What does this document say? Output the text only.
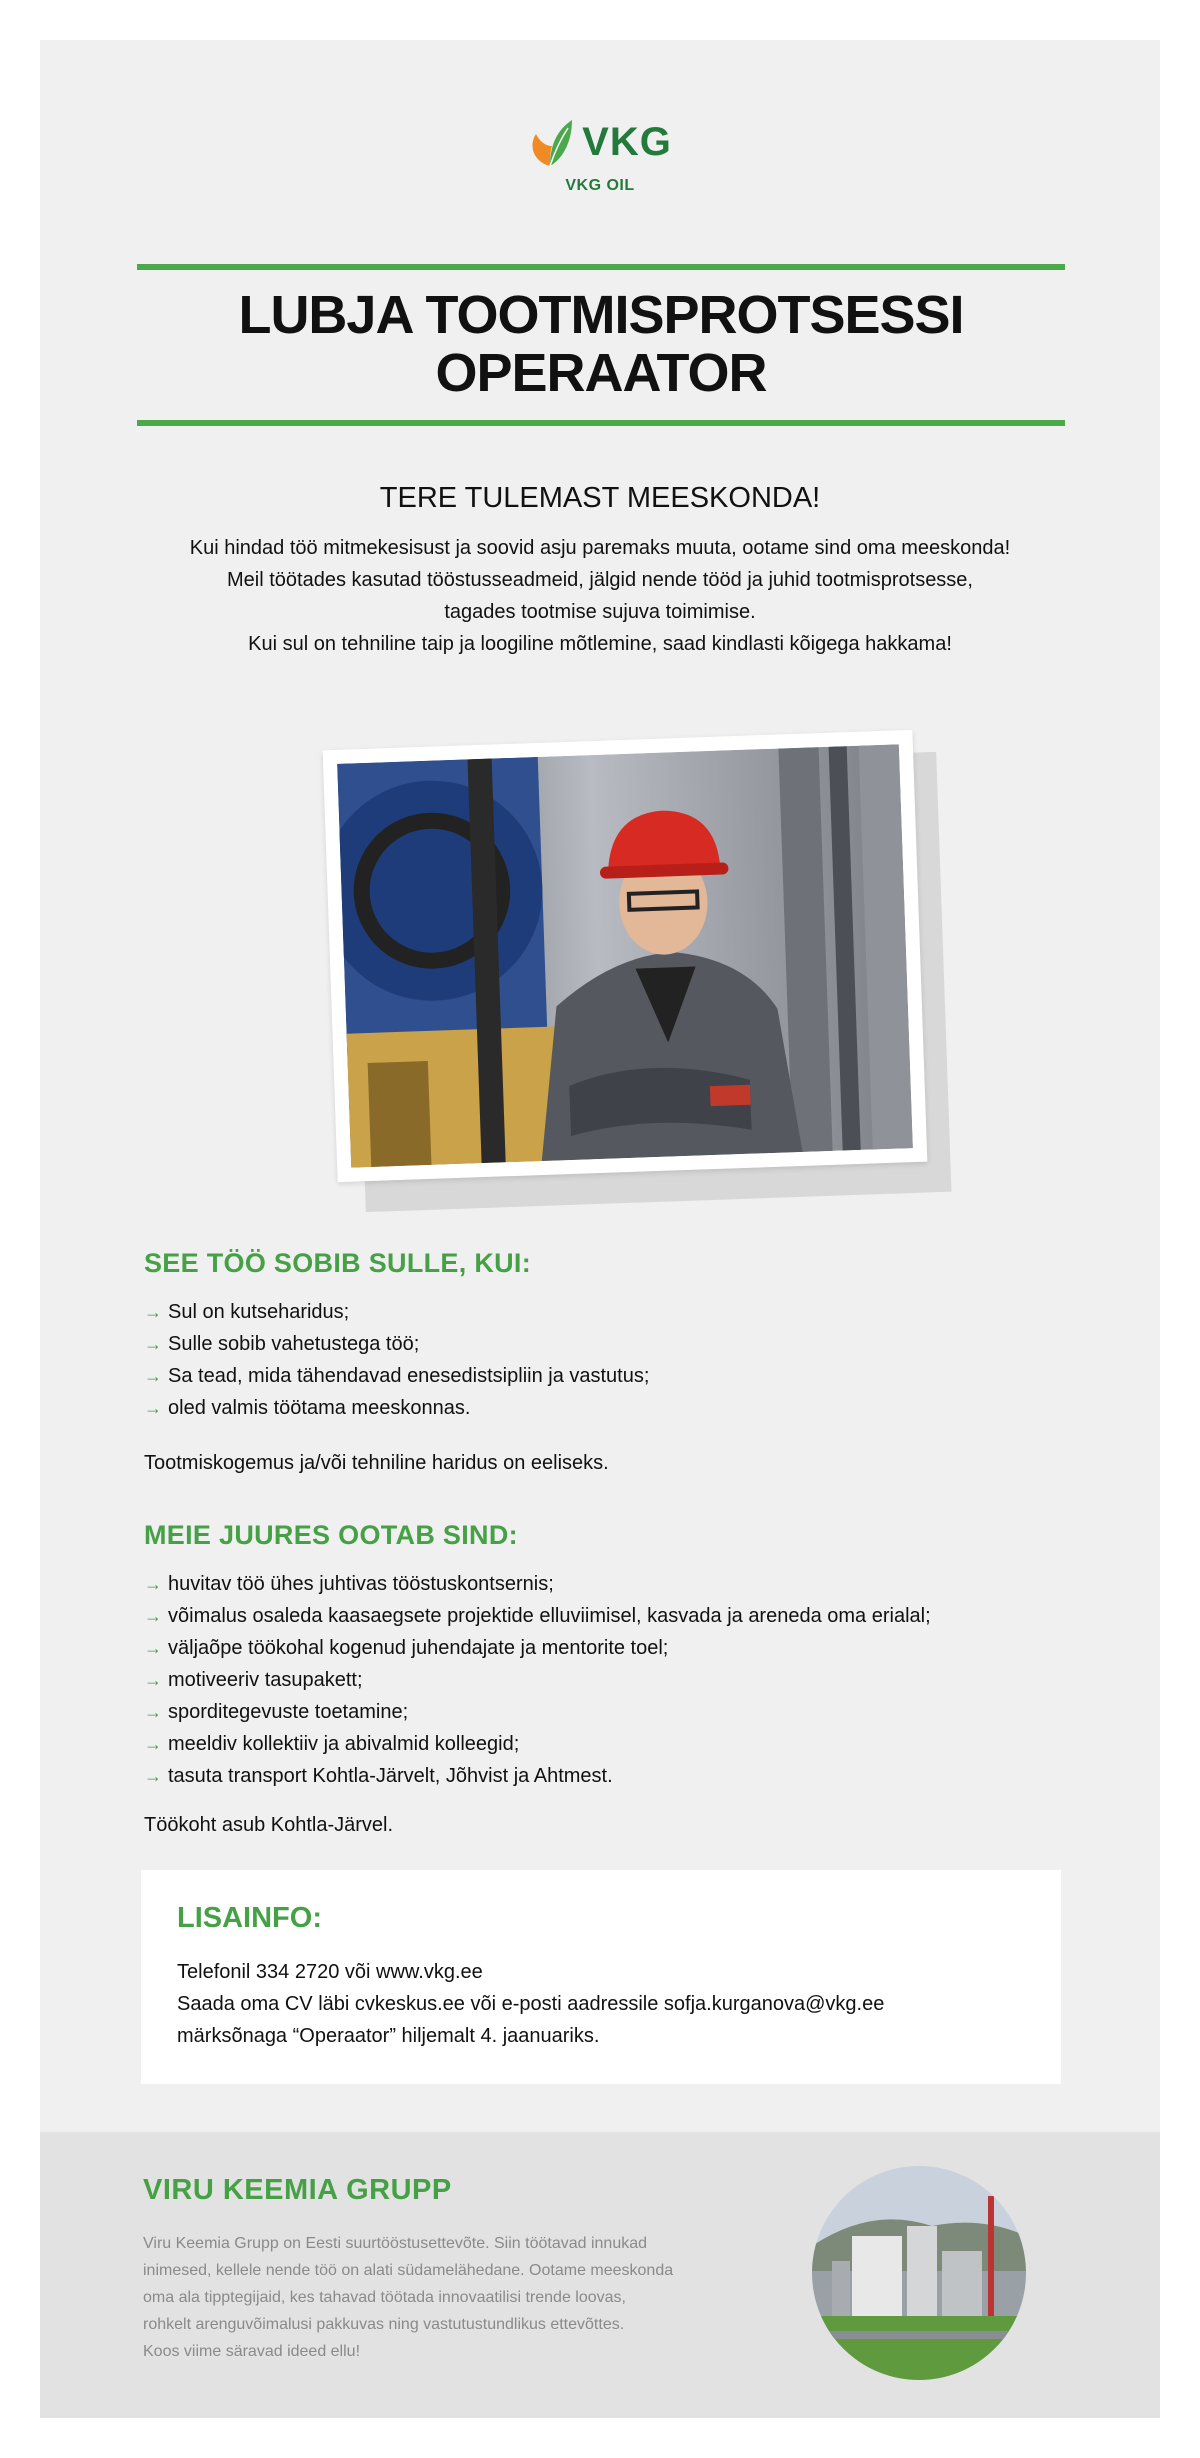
VKG
VKG OIL
LUBJA TOOTMISPROTSESSI
OPERAATOR
TERE TULEMAST MEESKONDA!
Kui hindad töö mitmekesisust ja soovid asju paremaks muuta, ootame sind oma meeskonda!
Meil töötades kasutad tööstusseadmeid, jälgid nende tööd ja juhid tootmisprotsesse,
tagades tootmise sujuva toimimise.
Kui sul on tehniline taip ja loogiline mõtlemine, saad kindlasti kõigega hakkama!
SEE TÖÖ SOBIB SULLE, KUI:
→ Sul on kutseharidus;
→ Sulle sobib vahetustega töö;
→ Sa tead, mida tähendavad enesedistsipliin ja vastutus;
→ oled valmis töötama meeskonnas.

Tootmiskogemus ja/või tehniline haridus on eeliseks.

MEIE JUURES OOTAB SIND:
→ huvitav töö ühes juhtivas tööstuskontsernis;
→ võimalus osaleda kaasaegsete projektide elluviimisel, kasvada ja areneda oma erialal;
→ väljaõpe töökohal kogenud juhendajate ja mentorite toel;
→ motiveeriv tasupakett;
→ sporditegevuste toetamine;
→ meeldiv kollektiiv ja abivalmid kolleegid;
→ tasuta transport Kohtla-Järvelt, Jõhvist ja Ahtmest.

Töökoht asub Kohtla-Järvel.

LISAINFO:
Telefonil 334 2720 või www.vkg.ee
Saada oma CV läbi cvkeskus.ee või e-posti aadressile sofja.kurganova@vkg.ee
märksõnaga “Operaator” hiljemalt 4. jaanuariks.
VIRU KEEMIA GRUPP
Viru Keemia Grupp on Eesti suurtööstusettevõte. Siin töötavad innukad
inimesed, kellele nende töö on alati südamelähedane. Ootame meeskonda
oma ala tipptegijaid, kes tahavad töötada innovaatilisi trende loovas,
rohkelt arenguvõimalusi pakkuvas ning vastutustundlikus ettevõttes.
Koos viime säravad ideed ellu!
